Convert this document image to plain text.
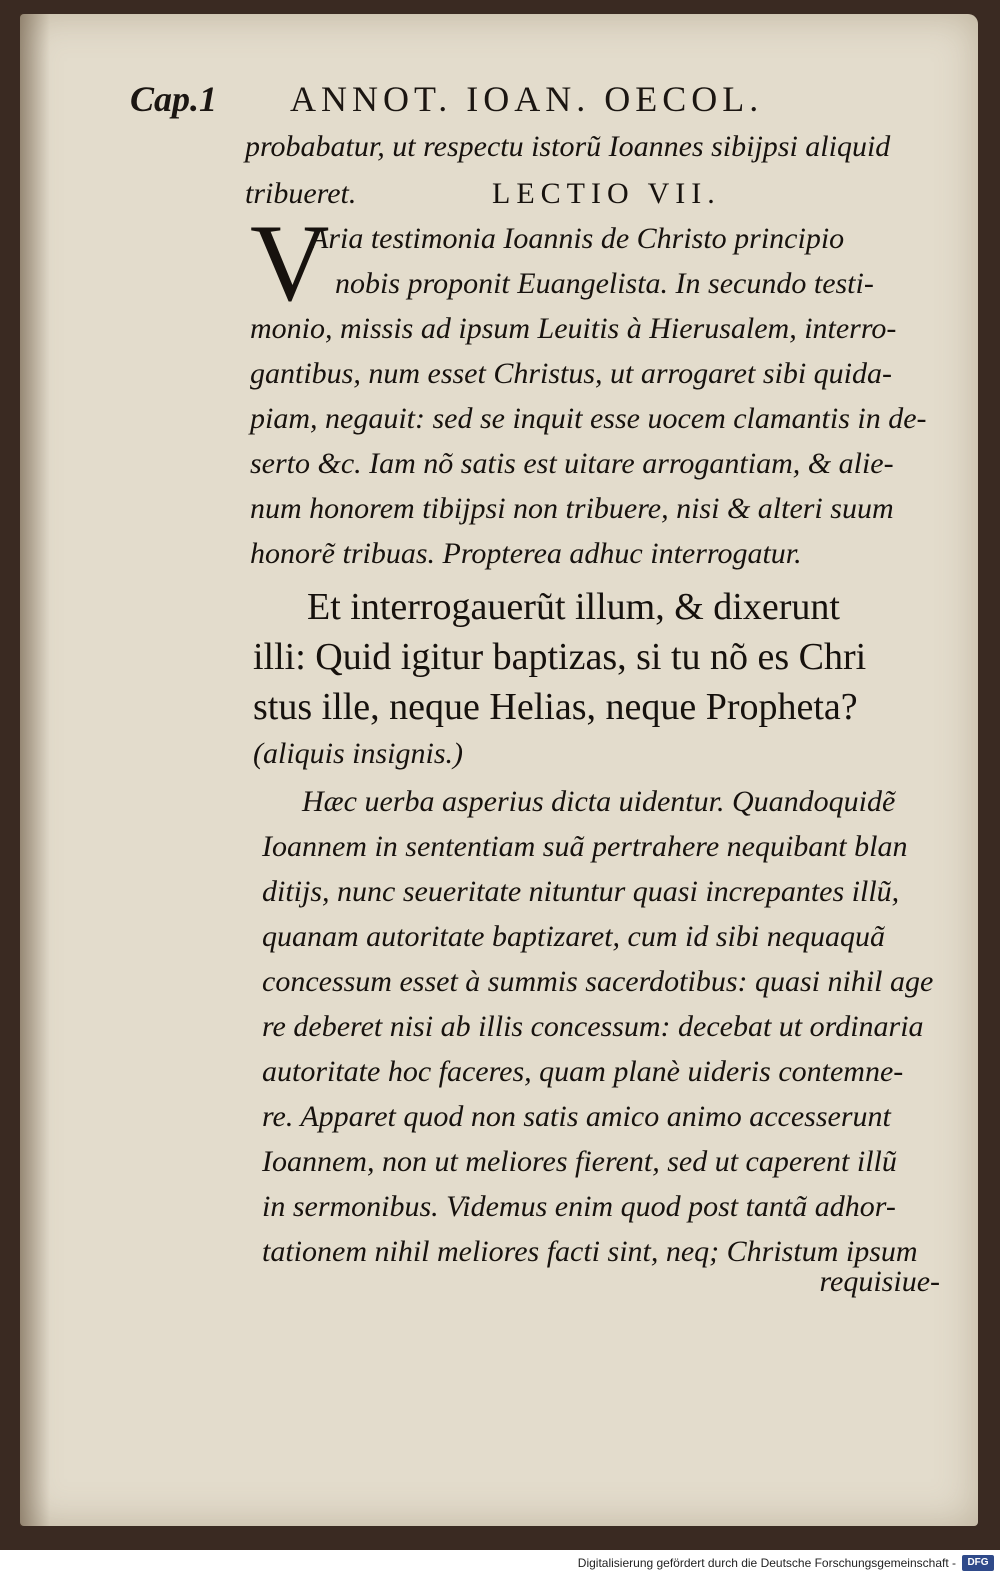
Cap.1 ANNOT. IOAN. OECOL.
probabatur, ut respectu istorũ Ioannes sibijpsi aliquid
tribueret.	LECTIO VII.
V
Aria testimonia Ioannis de Christo principio
nobis proponit Euangelista. In secundo testi-
monio, missis ad ipsum Leuitis à Hierusalem, interro-
gantibus, num esset Christus, ut arrogaret sibi quida-
piam, negauit: sed se inquit esse uocem clamantis in de-
serto &c. Iam nõ satis est uitare arrogantiam, & alie-
num honorem tibijpsi non tribuere, nisi & alteri suum
honorẽ tribuas. Propterea adhuc interrogatur.
Et interrogauerũt illum, & dixerunt
illi: Quid igitur baptizas, si tu nõ es Chri
stus ille, neque Helias, neque Propheta?
(aliquis insignis.)
Hæc uerba asperius dicta uidentur. Quandoquidẽ
Ioannem in sententiam suã pertrahere nequibant blan
ditijs, nunc seueritate nituntur quasi increpantes illũ,
quanam autoritate baptizaret, cum id sibi nequaquã
concessum esset à summis sacerdotibus: quasi nihil age
re deberet nisi ab illis concessum: decebat ut ordinaria
autoritate hoc faceres, quam planè uideris contemne-
re. Apparet quod non satis amico animo accesserunt
Ioannem, non ut meliores fierent, sed ut caperent illũ
in sermonibus. Videmus enim quod post tantã adhor-
tationem nihil meliores facti sint, neq; Christum ipsum
requisiue-
Digitalisierung gefördert durch die Deutsche Forschungsgemeinschaft -	DFG
